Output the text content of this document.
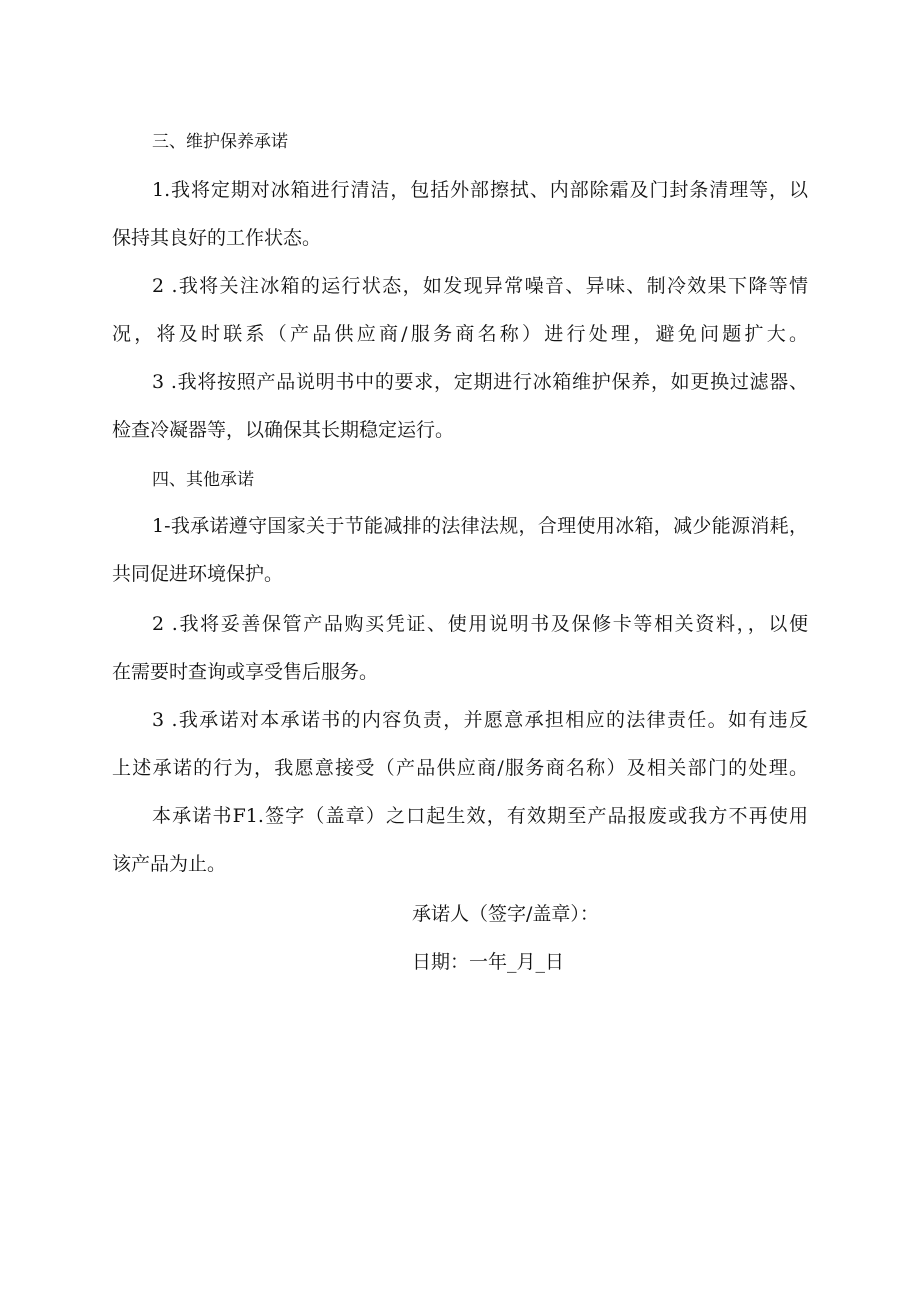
三、维护保养承诺
1.我将定期对冰箱进行清洁，包括外部擦拭、内部除霜及门封条清理等，以
保持其良好的工作状态。
2 .我将关注冰箱的运行状态，如发现异常噪音、异味、制冷效果下降等情
况，将及时联系（产品供应商/服务商名称）进行处理，避免问题扩大。
3 .我将按照产品说明书中的要求，定期进行冰箱维护保养，如更换过滤器、
检查冷凝器等，以确保其长期稳定运行。
四、其他承诺
1-我承诺遵守国家关于节能减排的法律法规，合理使用冰箱，减少能源消耗，
共同促进环境保护。
2 .我将妥善保管产品购买凭证、使用说明书及保修卡等相关资料，，以便
在需要时查询或享受售后服务。
3 .我承诺对本承诺书的内容负责，并愿意承担相应的法律责任。如有违反
上述承诺的行为，我愿意接受（产品供应商/服务商名称）及相关部门的处理。
本承诺书F1.签字（盖章）之口起生效，有效期至产品报废或我方不再使用
该产品为止。
承诺人（签字/盖章）：
日期：一年_月_日
